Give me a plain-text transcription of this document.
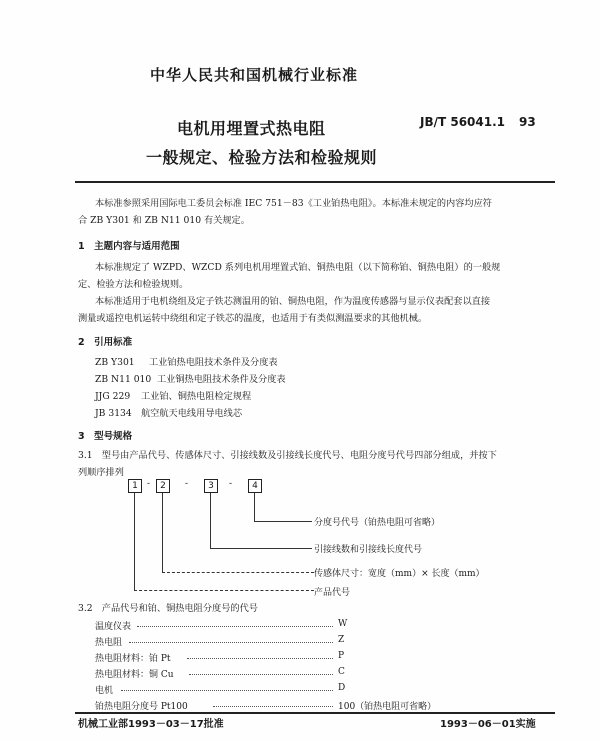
中华人民共和国机械行业标准
电机用埋置式热电阻
一般规定、检验方法和检验规则
JB/T 56041.1 93
本标准参照采用国际电工委员会标准 IEC 751－83《工业铂热电阻》。本标准未规定的内容均应符
合 ZB Y301 和 ZB N11 010 有关规定。
1　主题内容与适用范围
本标准规定了 WZPD、WZCD 系列电机用埋置式铂、铜热电阻（以下简称铂、铜热电阻）的一般规
定、检验方法和检验规则。
本标准适用于电机绕组及定子铁芯测温用的铂、铜热电阻，作为温度传感器与显示仪表配套以直接
测量或遥控电机运转中绕组和定子铁芯的温度，也适用于有类似测温要求的其他机械。
2　引用标准
ZB Y301 工业铂热电阻技术条件及分度表
ZB N11 010 工业铜热电阻技术条件及分度表
JJG 229 工业铂、铜热电阻检定规程
JB 3134 航空航天电线用导电线芯
3　型号规格
3.1　型号由产品代号、传感体尺寸、引接线数及引接线长度代号、电阻分度号代号四部分组成，并按下
列顺序排列
1	-	2	-	3	-	4
分度号代号（铂热电阻可省略）
引接线数和引接线长度代号
传感体尺寸：宽度（mm）× 长度（mm）
产品代号
3.2　产品代号和铂、铜热电阻分度号的代号
温度仪表	W
热电阻	Z
热电阻材料：铂 Pt	P
热电阻材料：铜 Cu	C
电机	D
铂热电阻分度号 Pt100	100（铂热电阻可省略）
机械工业部1993－03－17批准	1993－06－01实施
